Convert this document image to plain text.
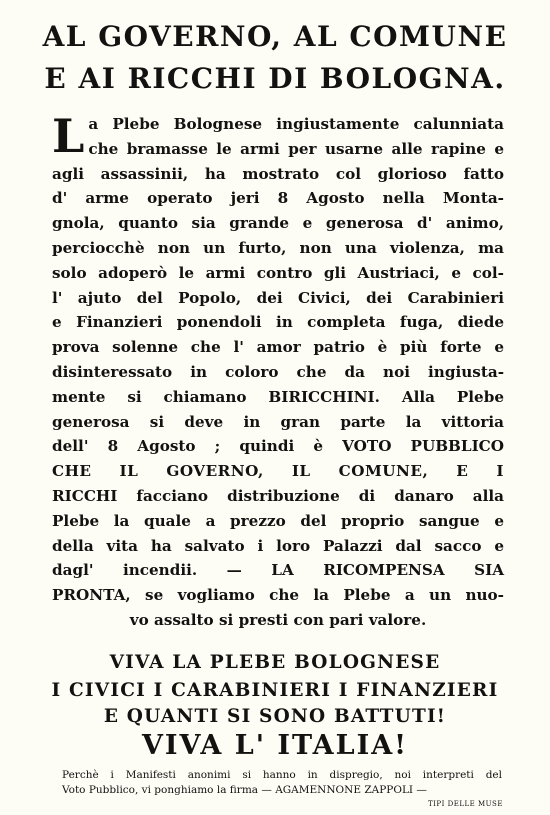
AL GOVERNO, AL COMUNE
E AI RICCHI DI BOLOGNA.
L a Plebe Bolognese ingiustamente calunniata
che bramasse le armi per usarne alle rapine e
agli assassinii, ha mostrato col glorioso fatto
d' arme operato jeri 8 Agosto nella Monta-
gnola, quanto sia grande e generosa d' animo,
perciocchè non un furto, non una violenza, ma
solo adoperò le armi contro gli Austriaci, e col-
l' ajuto del Popolo, dei Civici, dei Carabinieri
e Finanzieri ponendoli in completa fuga, diede
prova solenne che l' amor patrio è più forte e
disinteressato in coloro che da noi ingiusta-
mente si chiamano BIRICCHINI. Alla Plebe
generosa si deve in gran parte la vittoria
dell' 8 Agosto ; quindi è VOTO PUBBLICO
CHE IL GOVERNO, IL COMUNE, E I
RICCHI facciano distribuzione di danaro alla
Plebe la quale a prezzo del proprio sangue e
della vita ha salvato i loro Palazzi dal sacco e
dagl' incendii. — LA RICOMPENSA SIA
PRONTA, se vogliamo che la Plebe a un nuo-
vo assalto si presti con pari valore.
VIVA LA PLEBE BOLOGNESE
I CIVICI I CARABINIERI I FINANZIERI
E QUANTI SI SONO BATTUTI!
VIVA L' ITALIA!
Perchè i Manifesti anonimi si hanno in dispregio, noi interpreti del
Voto Pubblico, vi ponghiamo la firma — AGAMENNONE ZAPPOLI —
TIPI DELLE MUSE
